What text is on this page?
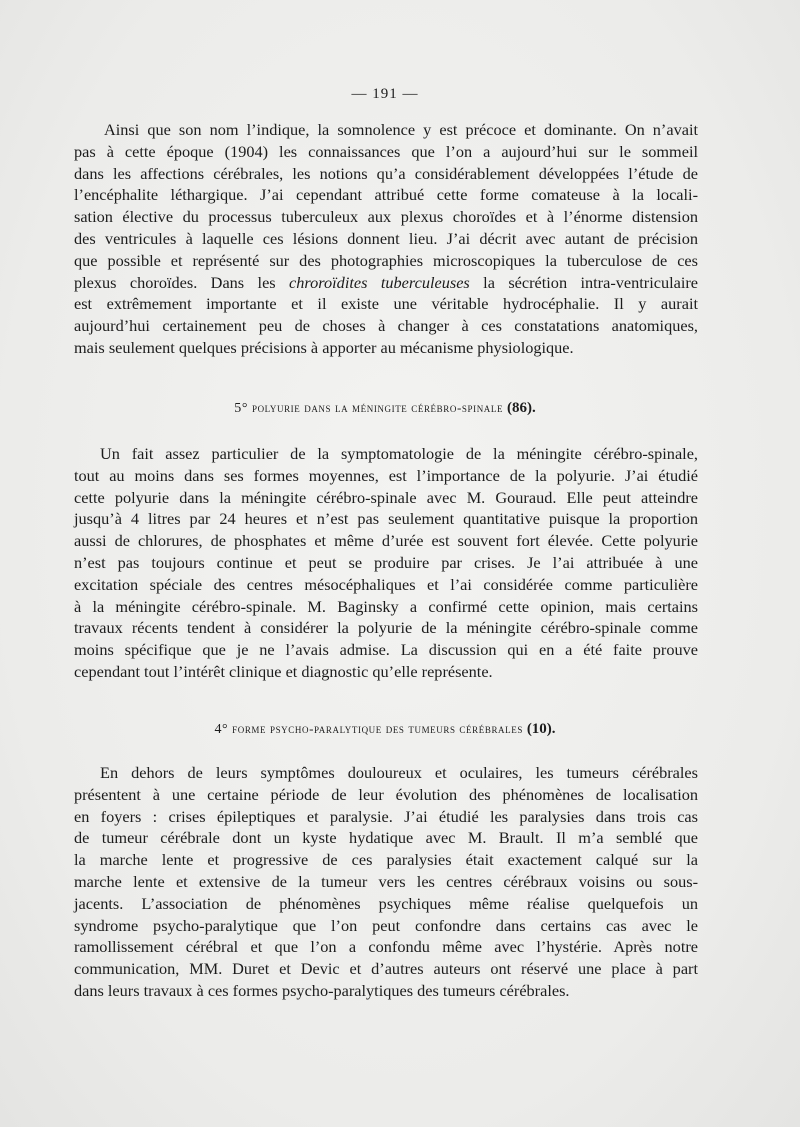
— 191 —
Ainsi que son nom l’indique, la somnolence y est précoce et dominante. On n’avait
pas à cette époque (1904) les connaissances que l’on a aujourd’hui sur le sommeil
dans les affections cérébrales, les notions qu’a considérablement développées l’étude de
l’encéphalite léthargique. J’ai cependant attribué cette forme comateuse à la locali-
sation élective du processus tuberculeux aux plexus choroïdes et à l’énorme distension
des ventricules à laquelle ces lésions donnent lieu. J’ai décrit avec autant de précision
que possible et représenté sur des photographies microscopiques la tuberculose de ces
plexus choroïdes. Dans les chroroïdites tuberculeuses la sécrétion intra-ventriculaire
est extrêmement importante et il existe une véritable hydrocéphalie. Il y aurait
aujourd’hui certainement peu de choses à changer à ces constatations anatomiques,
mais seulement quelques précisions à apporter au mécanisme physiologique.
5° polyurie dans la méningite cérébro-spinale (86).
Un fait assez particulier de la symptomatologie de la méningite cérébro-spinale,
tout au moins dans ses formes moyennes, est l’importance de la polyurie. J’ai étudié
cette polyurie dans la méningite cérébro-spinale avec M. Gouraud. Elle peut atteindre
jusqu’à 4 litres par 24 heures et n’est pas seulement quantitative puisque la proportion
aussi de chlorures, de phosphates et même d’urée est souvent fort élevée. Cette polyurie
n’est pas toujours continue et peut se produire par crises. Je l’ai attribuée à une
excitation spéciale des centres mésocéphaliques et l’ai considérée comme particulière
à la méningite cérébro-spinale. M. Baginsky a confirmé cette opinion, mais certains
travaux récents tendent à considérer la polyurie de la méningite cérébro-spinale comme
moins spécifique que je ne l’avais admise. La discussion qui en a été faite prouve
cependant tout l’intérêt clinique et diagnostic qu’elle représente.
4° forme psycho-paralytique des tumeurs cérébrales (10).
En dehors de leurs symptômes douloureux et oculaires, les tumeurs cérébrales
présentent à une certaine période de leur évolution des phénomènes de localisation
en foyers : crises épileptiques et paralysie. J’ai étudié les paralysies dans trois cas
de tumeur cérébrale dont un kyste hydatique avec M. Brault. Il m’a semblé que
la marche lente et progressive de ces paralysies était exactement calqué sur la
marche lente et extensive de la tumeur vers les centres cérébraux voisins ou sous-
jacents. L’association de phénomènes psychiques même réalise quelquefois un
syndrome psycho-paralytique que l’on peut confondre dans certains cas avec le
ramollissement cérébral et que l’on a confondu même avec l’hystérie. Après notre
communication, MM. Duret et Devic et d’autres auteurs ont réservé une place à part
dans leurs travaux à ces formes psycho-paralytiques des tumeurs cérébrales.
